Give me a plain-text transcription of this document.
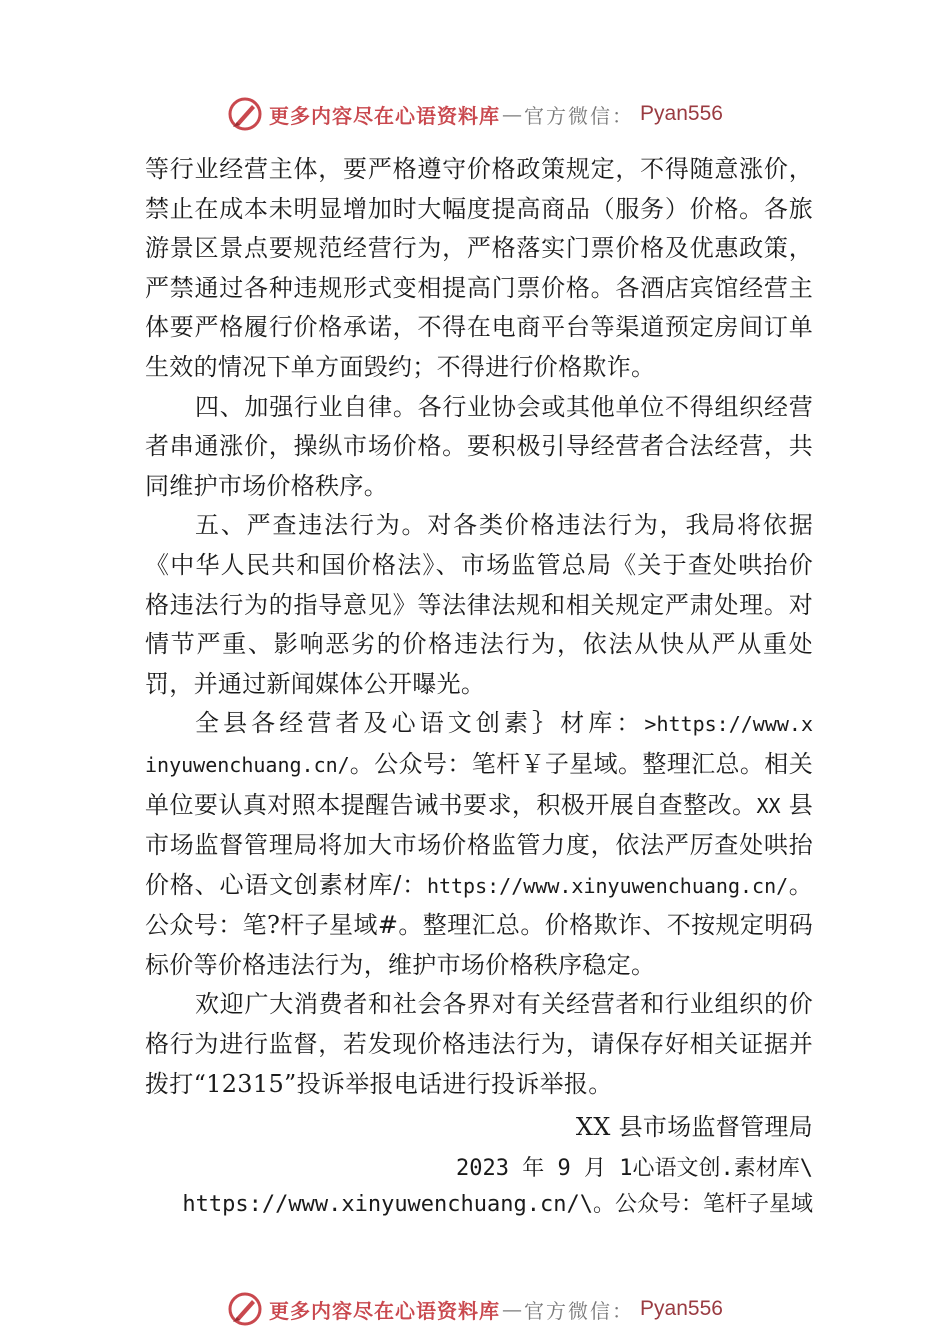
更多内容尽在心语资料库 — 官方微信： Pyan556

等行业经营主体，要严格遵守价格政策规定，不得随意涨价，禁止在成本未明显增加时大幅度提高商品（服务）价格。各旅游景区景点要规范经营行为，严格落实门票价格及优惠政策，严禁通过各种违规形式变相提高门票价格。各酒店宾馆经营主体要严格履行价格承诺，不得在电商平台等渠道预定房间订单生效的情况下单方面毁约；不得进行价格欺诈。

四、加强行业自律。各行业协会或其他单位不得组织经营者串通涨价，操纵市场价格。要积极引导经营者合法经营，共同维护市场价格秩序。

五、严查违法行为。对各类价格违法行为，我局将依据《中华人民共和国价格法》、市场监管总局《关于查处哄抬价格违法行为的指导意见》等法律法规和相关规定严肃处理。对情节严重、影响恶劣的价格违法行为，依法从快从严从重处罚，并通过新闻媒体公开曝光。

全县各经营者及心语文创素｝材库：>https://www.xinyuwenchuang.cn/。公众号：笔杆￥子星域。整理汇总。相关单位要认真对照本提醒告诫书要求，积极开展自查整改。XX 县市场监督管理局将加大市场价格监管力度，依法严厉查处哄抬价格、心语文创素材库/：https://www.xinyuwenchuang.cn/。公众号：笔?杆子星域#。整理汇总。价格欺诈、不按规定明码标价等价格违法行为，维护市场价格秩序稳定。

欢迎广大消费者和社会各界对有关经营者和行业组织的价格行为进行监督，若发现价格违法行为，请保存好相关证据并拨打“12315”投诉举报电话进行投诉举报。

XX 县市场监督管理局

2023 年 9 月 1心语文创.素材库\

https://www.xinyuwenchuang.cn/\。公众号：笔杆子星域

更多内容尽在心语资料库 — 官方微信： Pyan556
